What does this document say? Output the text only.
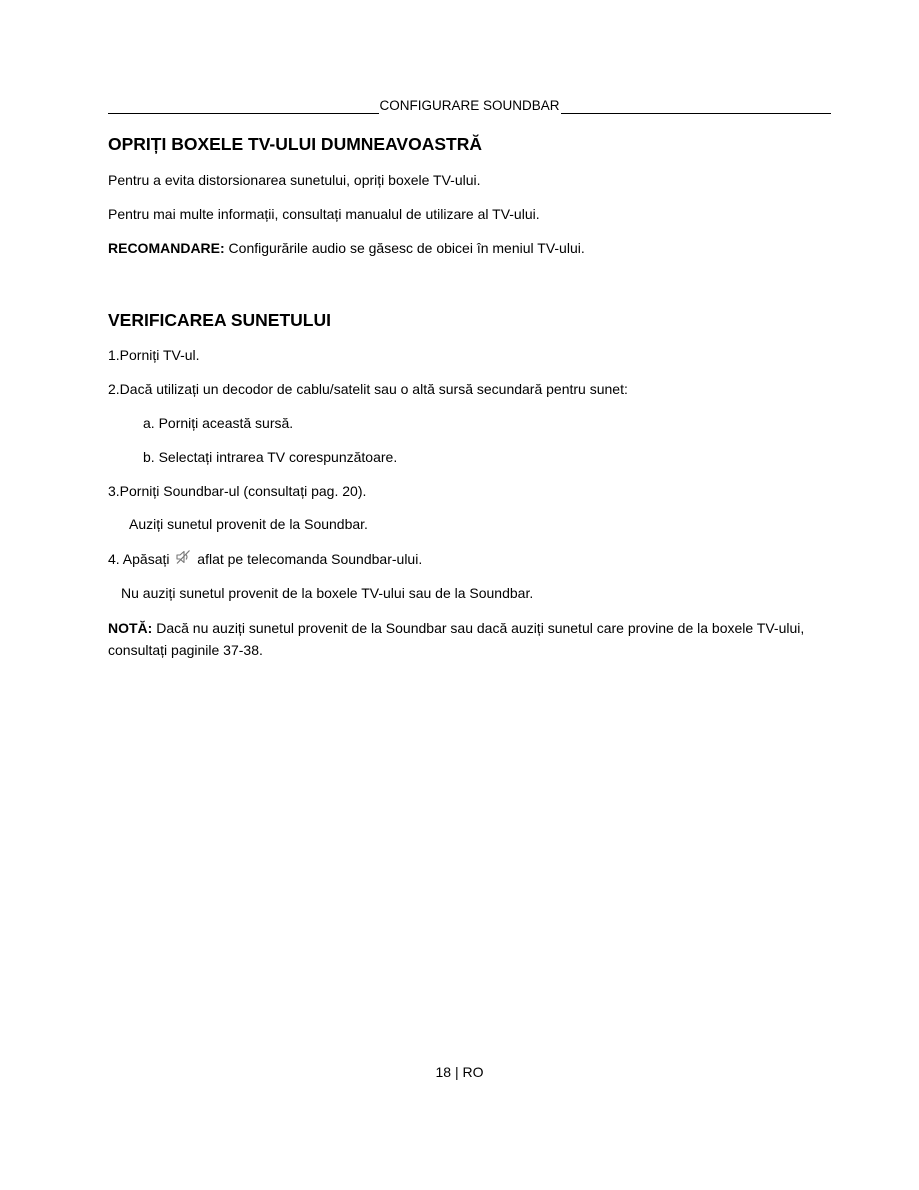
CONFIGURARE SOUNDBAR
OPRIȚI BOXELE TV-ULUI DUMNEAVOASTRĂ

Pentru a evita distorsionarea sunetului, opriți boxele TV-ului.

Pentru mai multe informații, consultați manualul de utilizare al TV-ului.

RECOMANDARE: Configurările audio se găsesc de obicei în meniul TV-ului.

VERIFICAREA SUNETULUI

1.Porniți TV-ul.

2.Dacă utilizați un decodor de cablu/satelit sau o altă sursă secundară pentru sunet:

a. Porniți această sursă.

b. Selectați intrarea TV corespunzătoare.

3.Porniți Soundbar-ul (consultați pag. 20).

Auziți sunetul provenit de la Soundbar.

4. Apăsați aflat pe telecomanda Soundbar-ului.

Nu auziți sunetul provenit de la boxele TV-ului sau de la Soundbar.

NOTĂ: Dacă nu auziți sunetul provenit de la Soundbar sau dacă auziți sunetul care provine de la boxele TV-ului, consultați paginile 37-38.

18 | RO
